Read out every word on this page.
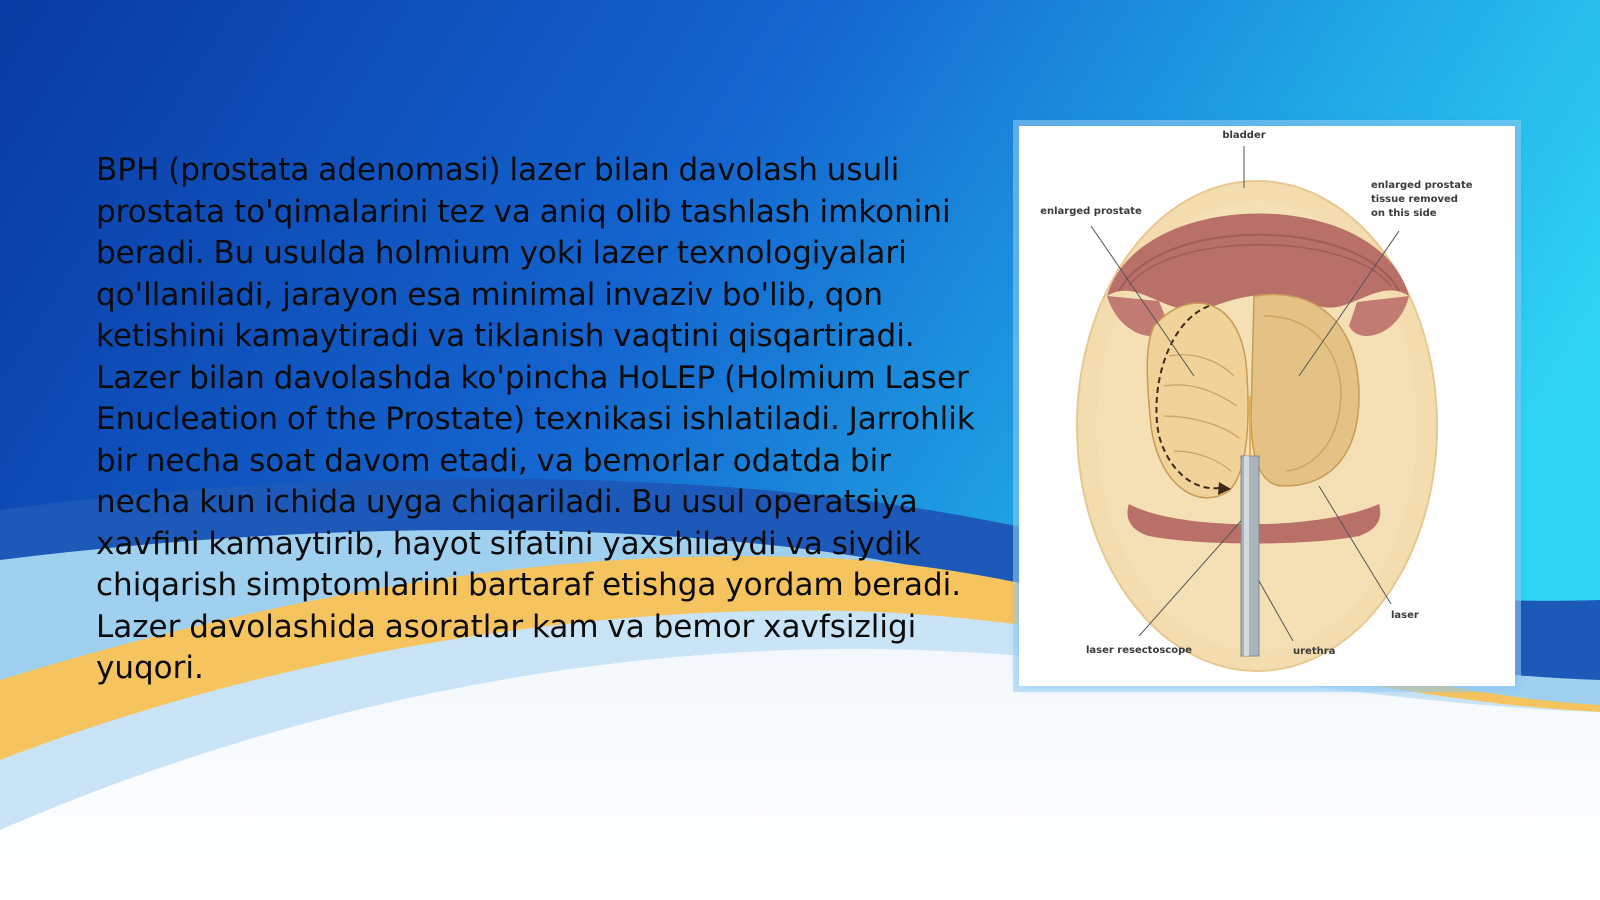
BPH (prostata adenomasi) lazer bilan davolash usuli prostata to'qimalarini tez va aniq olib tashlash imkonini beradi. Bu usulda holmium yoki lazer texnologiyalari qo'llaniladi, jarayon esa minimal invaziv bo'lib, qon ketishini kamaytiradi va tiklanish vaqtini qisqartiradi. Lazer bilan davolashda ko'pincha HoLEP (Holmium Laser Enucleation of the Prostate) texnikasi ishlatiladi. Jarrohlik bir necha soat davom etadi, va bemorlar odatda bir necha kun ichida uyga chiqariladi. Bu usul operatsiya xavfini kamaytirib, hayot sifatini yaxshilaydi va siydik chiqarish simptomlarini bartaraf etishga yordam beradi. Lazer davolashida asoratlar kam va bemor xavfsizligi yuqori.

bladder
enlarged prostate
enlarged prostate
tissue removed
on this side
laser
laser resectoscope	urethra
